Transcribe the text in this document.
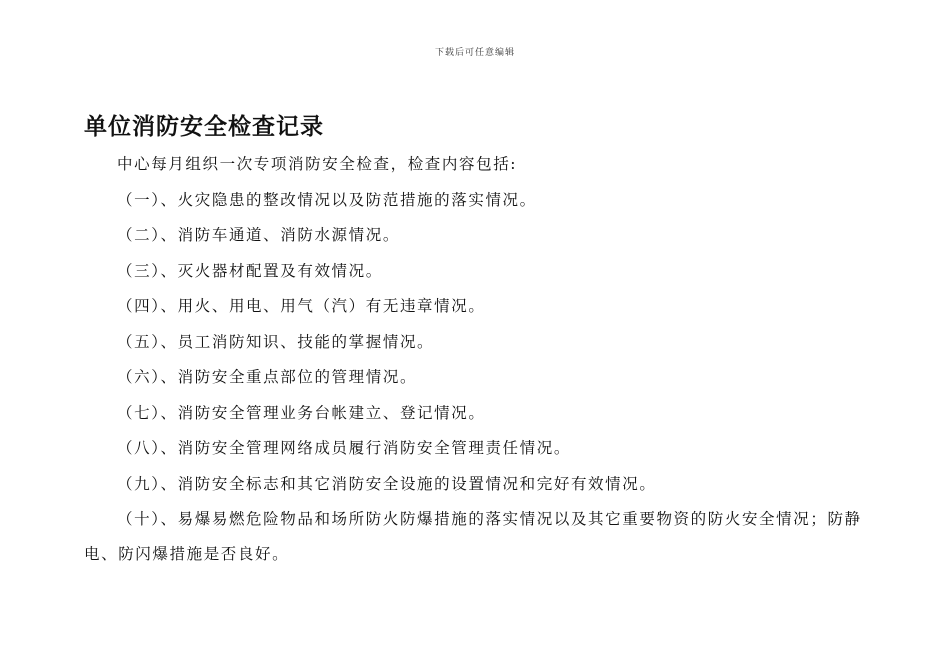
下载后可任意编辑
单位消防安全检查记录

中心每月组织一次专项消防安全检查，检查内容包括:

（一）、火灾隐患的整改情况以及防范措施的落实情况。

（二）、消防车通道、消防水源情况。

（三）、灭火器材配置及有效情况。

（四）、用火、用电、用气（汽）有无违章情况。

（五）、员工消防知识、技能的掌握情况。

（六）、消防安全重点部位的管理情况。

（七）、消防安全管理业务台帐建立、登记情况。

（八）、消防安全管理网络成员履行消防安全管理责任情况。

（九）、消防安全标志和其它消防安全设施的设置情况和完好有效情况。

（十）、易爆易燃危险物品和场所防火防爆措施的落实情况以及其它重要物资的防火安全情况；防静电、防闪爆措施是否良好。
